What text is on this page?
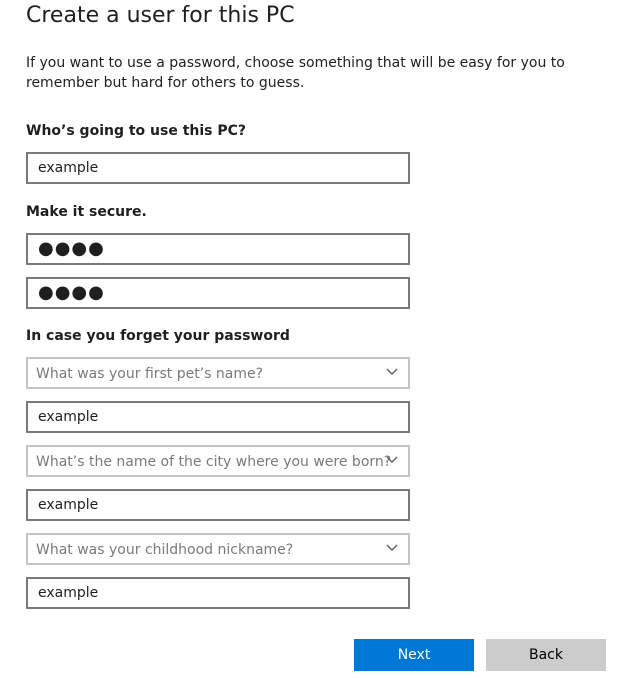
Create a user for this PC

If you want to use a password, choose something that will be easy for you to remember but hard for others to guess.

Who’s going to use this PC?
example
Make it secure.
●●●●
●●●●
In case you forget your password
What was your first pet’s name?
example
What’s the name of the city where you were born?
example
What was your childhood nickname?
example
Next	Back
